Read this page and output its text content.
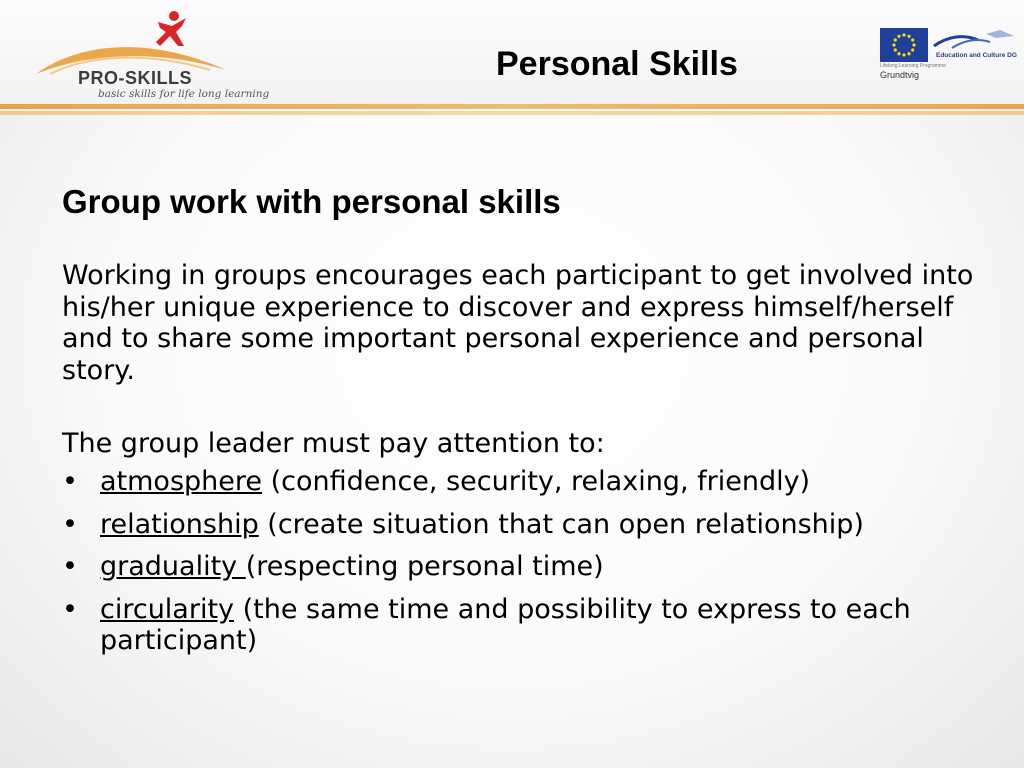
PRO-SKILLS
basic skills for life long learning
Personal Skills	Lifelong Learning Programme
Grundtvig
Education and Culture DG
Group work with personal skills

Working in groups encourages each participant to get involved into his/her unique experience to discover and express himself/herself and to share some important personal experience and personal story.

The group leader must pay attention to:
• atmosphere (confidence, security, relaxing, friendly)
• relationship (create situation that can open relationship)
• graduality (respecting personal time)
• circularity (the same time and possibility to express to each participant)
